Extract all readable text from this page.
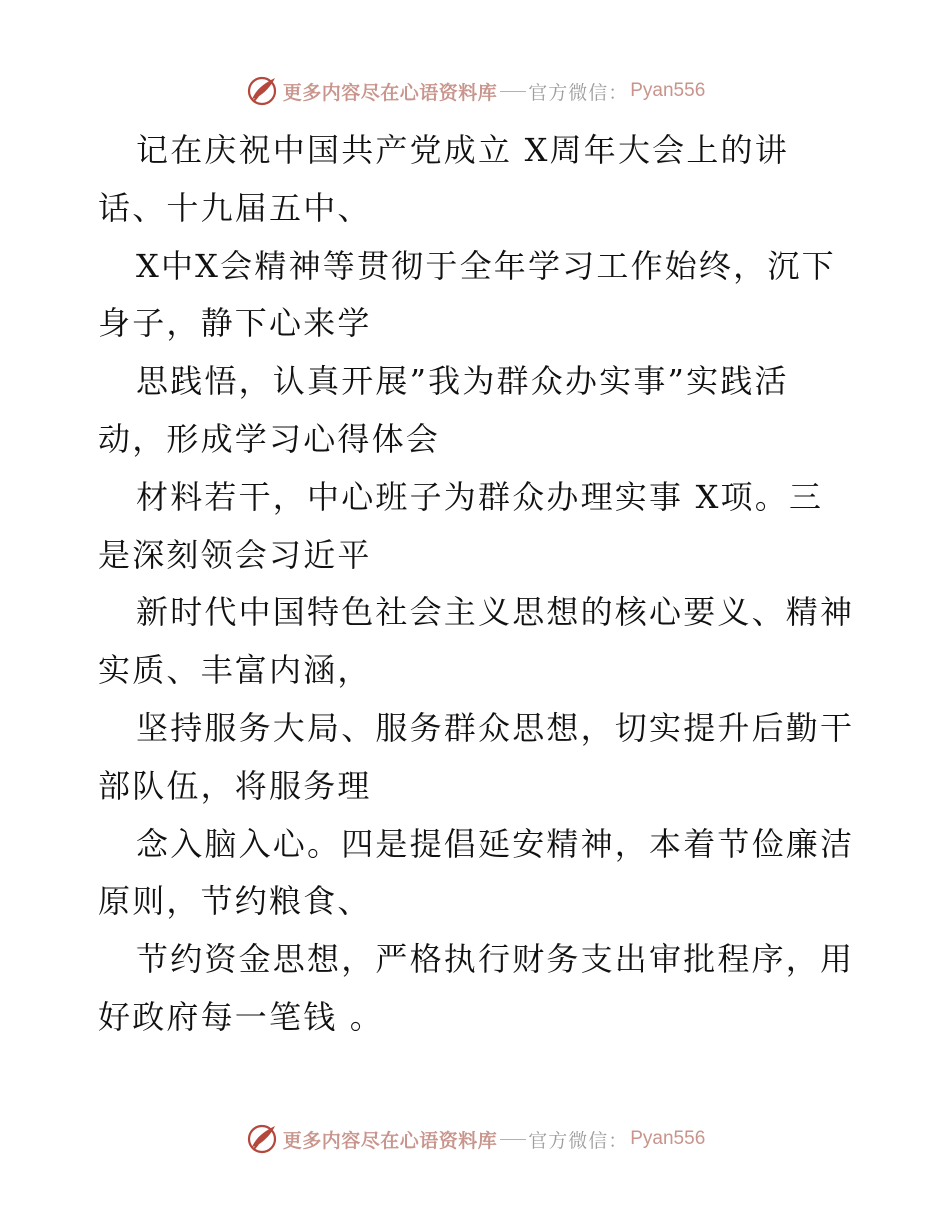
更多内容尽在心语资料库 官方微信： Pyan556
记在庆祝中国共产党成立 X周年大会上的讲
话、十九届五中、
X中X会精神等贯彻于全年学习工作始终，沉下
身子，静下心来学
思践悟，认真开展”我为群众办实事”实践活
动，形成学习心得体会
材料若干，中心班子为群众办理实事 X项。三
是深刻领会习近平
新时代中国特色社会主义思想的核心要义、精神
实质、丰富内涵，
坚持服务大局、服务群众思想，切实提升后勤干
部队伍，将服务理
念入脑入心。四是提倡延安精神，本着节俭廉洁
原则，节约粮食、
节约资金思想，严格执行财务支出审批程序，用
好政府每一笔钱 。
更多内容尽在心语资料库 官方微信： Pyan556
